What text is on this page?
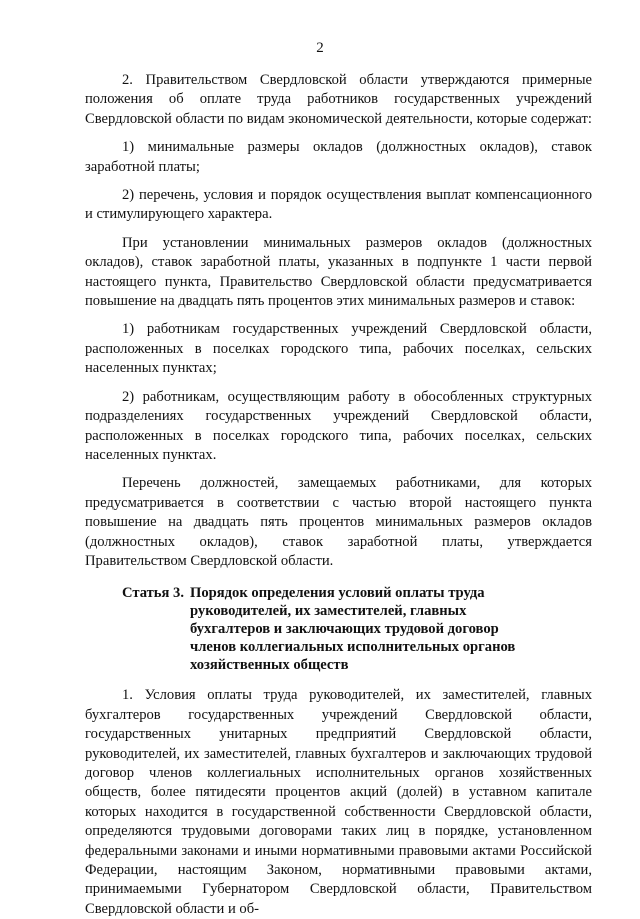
2

2. Правительством Свердловской области утверждаются примерные положения об оплате труда работников государственных учреждений Свердловской области по видам экономической деятельности, которые содержат:

1) минимальные размеры окладов (должностных окладов), ставок заработной платы;

2) перечень, условия и порядок осуществления выплат компенсационного и стимулирующего характера.

При установлении минимальных размеров окладов (должностных окладов), ставок заработной платы, указанных в подпункте 1 части первой настоящего пункта, Правительство Свердловской области предусматривается повышение на двадцать пять процентов этих минимальных размеров и ставок:

1) работникам государственных учреждений Свердловской области, расположенных в поселках городского типа, рабочих поселках, сельских населенных пунктах;

2) работникам, осуществляющим работу в обособленных структурных подразделениях государственных учреждений Свердловской области, расположенных в поселках городского типа, рабочих поселках, сельских населенных пунктах.

Перечень должностей, замещаемых работниками, для которых предусматривается в соответствии с частью второй настоящего пункта повышение на двадцать пять процентов минимальных размеров окладов (должностных окладов), ставок заработной платы, утверждается Правительством Свердловской области.

Статья 3. Порядок определения условий оплаты труда руководителей, их заместителей, главных бухгалтеров и заключающих трудовой договор членов коллегиальных исполнительных органов хозяйственных обществ

1. Условия оплаты труда руководителей, их заместителей, главных бухгалтеров государственных учреждений Свердловской области, государственных унитарных предприятий Свердловской области, руководителей, их заместителей, главных бухгалтеров и заключающих трудовой договор членов коллегиальных исполнительных органов хозяйственных обществ, более пятидесяти процентов акций (долей) в уставном капитале которых находится в государственной собственности Свердловской области, определяются трудовыми договорами таких лиц в порядке, установленном федеральными законами и иными нормативными правовыми актами Российской Федерации, настоящим Законом, нормативными правовыми актами, принимаемыми Губернатором Свердловской области, Правительством Свердловской области и об-
